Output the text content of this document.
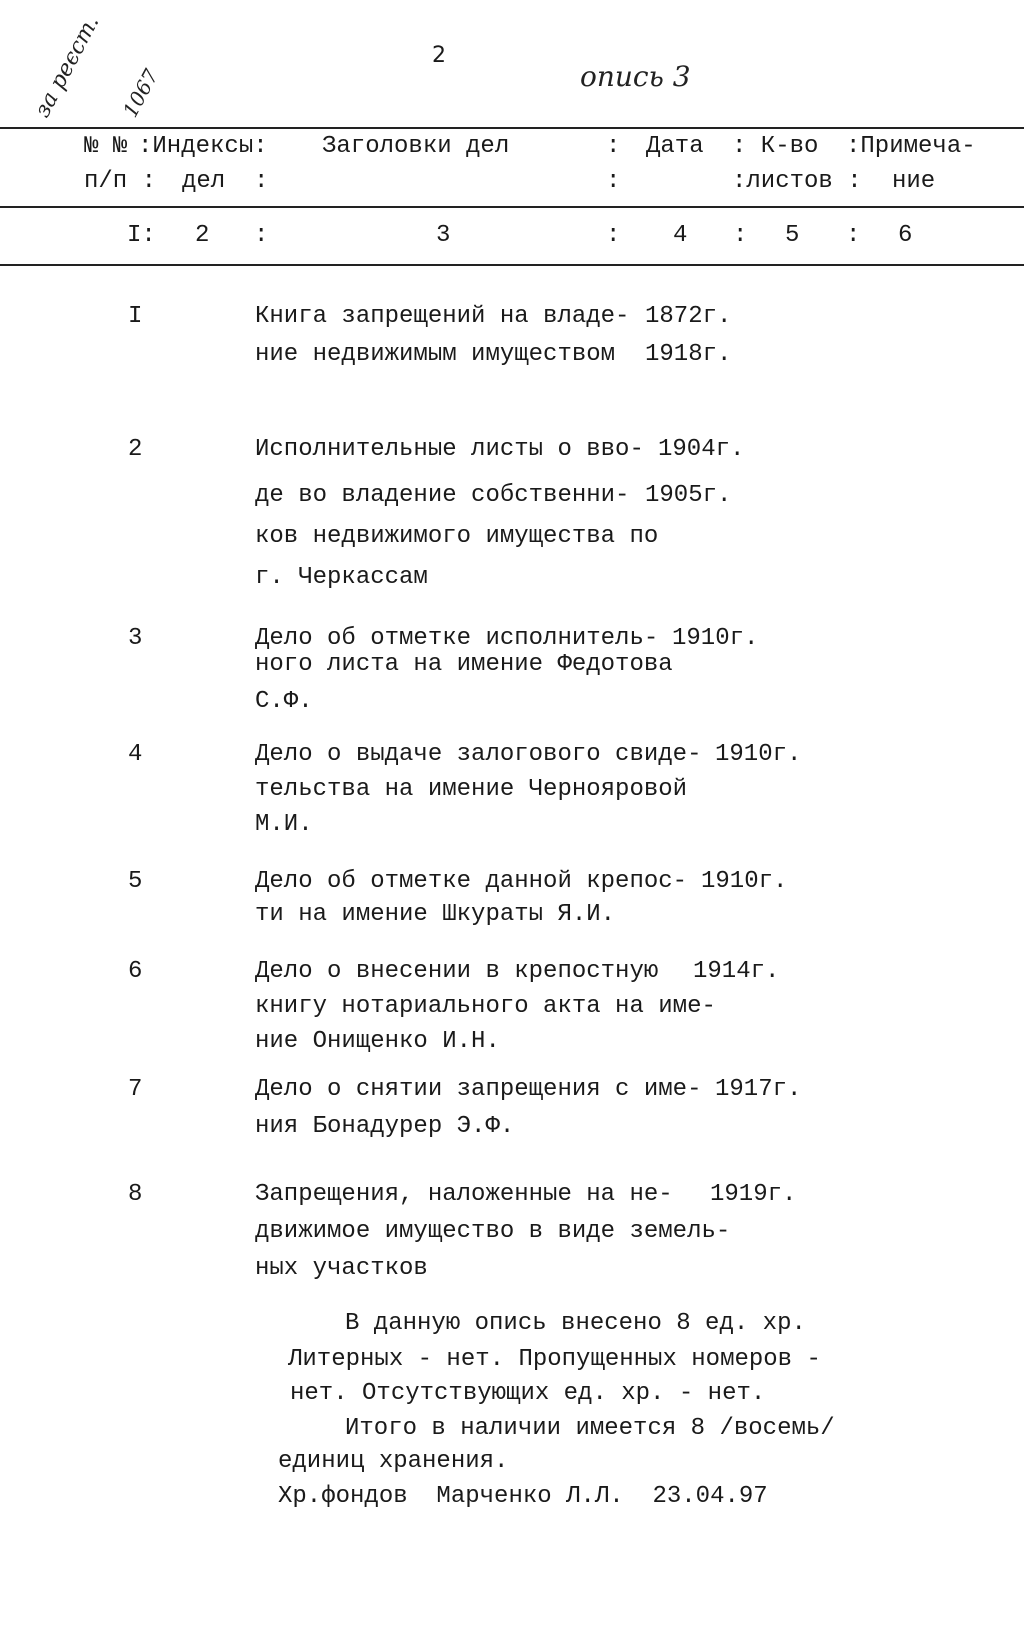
за реєст. 1067
2
опись 3
№ № :Индексы: Заголовки дел	: Дата : К-во :Примеча-
п/п : дел :	:	:листов : ние
I: 2 :	3	: 4 : 5 : 6
I	Книга запрещений на владе-
ние недвижимым имуществом
1872г.
1918г.
2	Исполнительные листы о вво-
де во владение собственни-
ков недвижимого имущества по
г. Черкассам
1904г.
1905г.
3	Дело об отметке исполнитель-
ного листа на имение Федотова
С.Ф.
1910г.
4	Дело о выдаче залогового свиде-
тельства на имение Чернояровой
М.И.
1910г.
5	Дело об отметке данной крепос-
ти на имение Шкураты Я.И.
1910г.
6	Дело о внесении в крепостную
книгу нотариального акта на име-
ние Онищенко И.Н.
1914г.
7	Дело о снятии запрещения с име-
ния Бонадурер Э.Ф.
1917г.
8	Запрещения, наложенные на не-
движимое имущество в виде земель-
ных участков
1919г.
В данную опись внесено 8 ед. хр.
Литерных - нет. Пропущенных номеров -
нет. Отсутствующих ед. хр. - нет.
Итого в наличии имеется 8 /восемь/
единиц хранения.
Хр.фондов  Марченко Л.Л.  23.04.97
